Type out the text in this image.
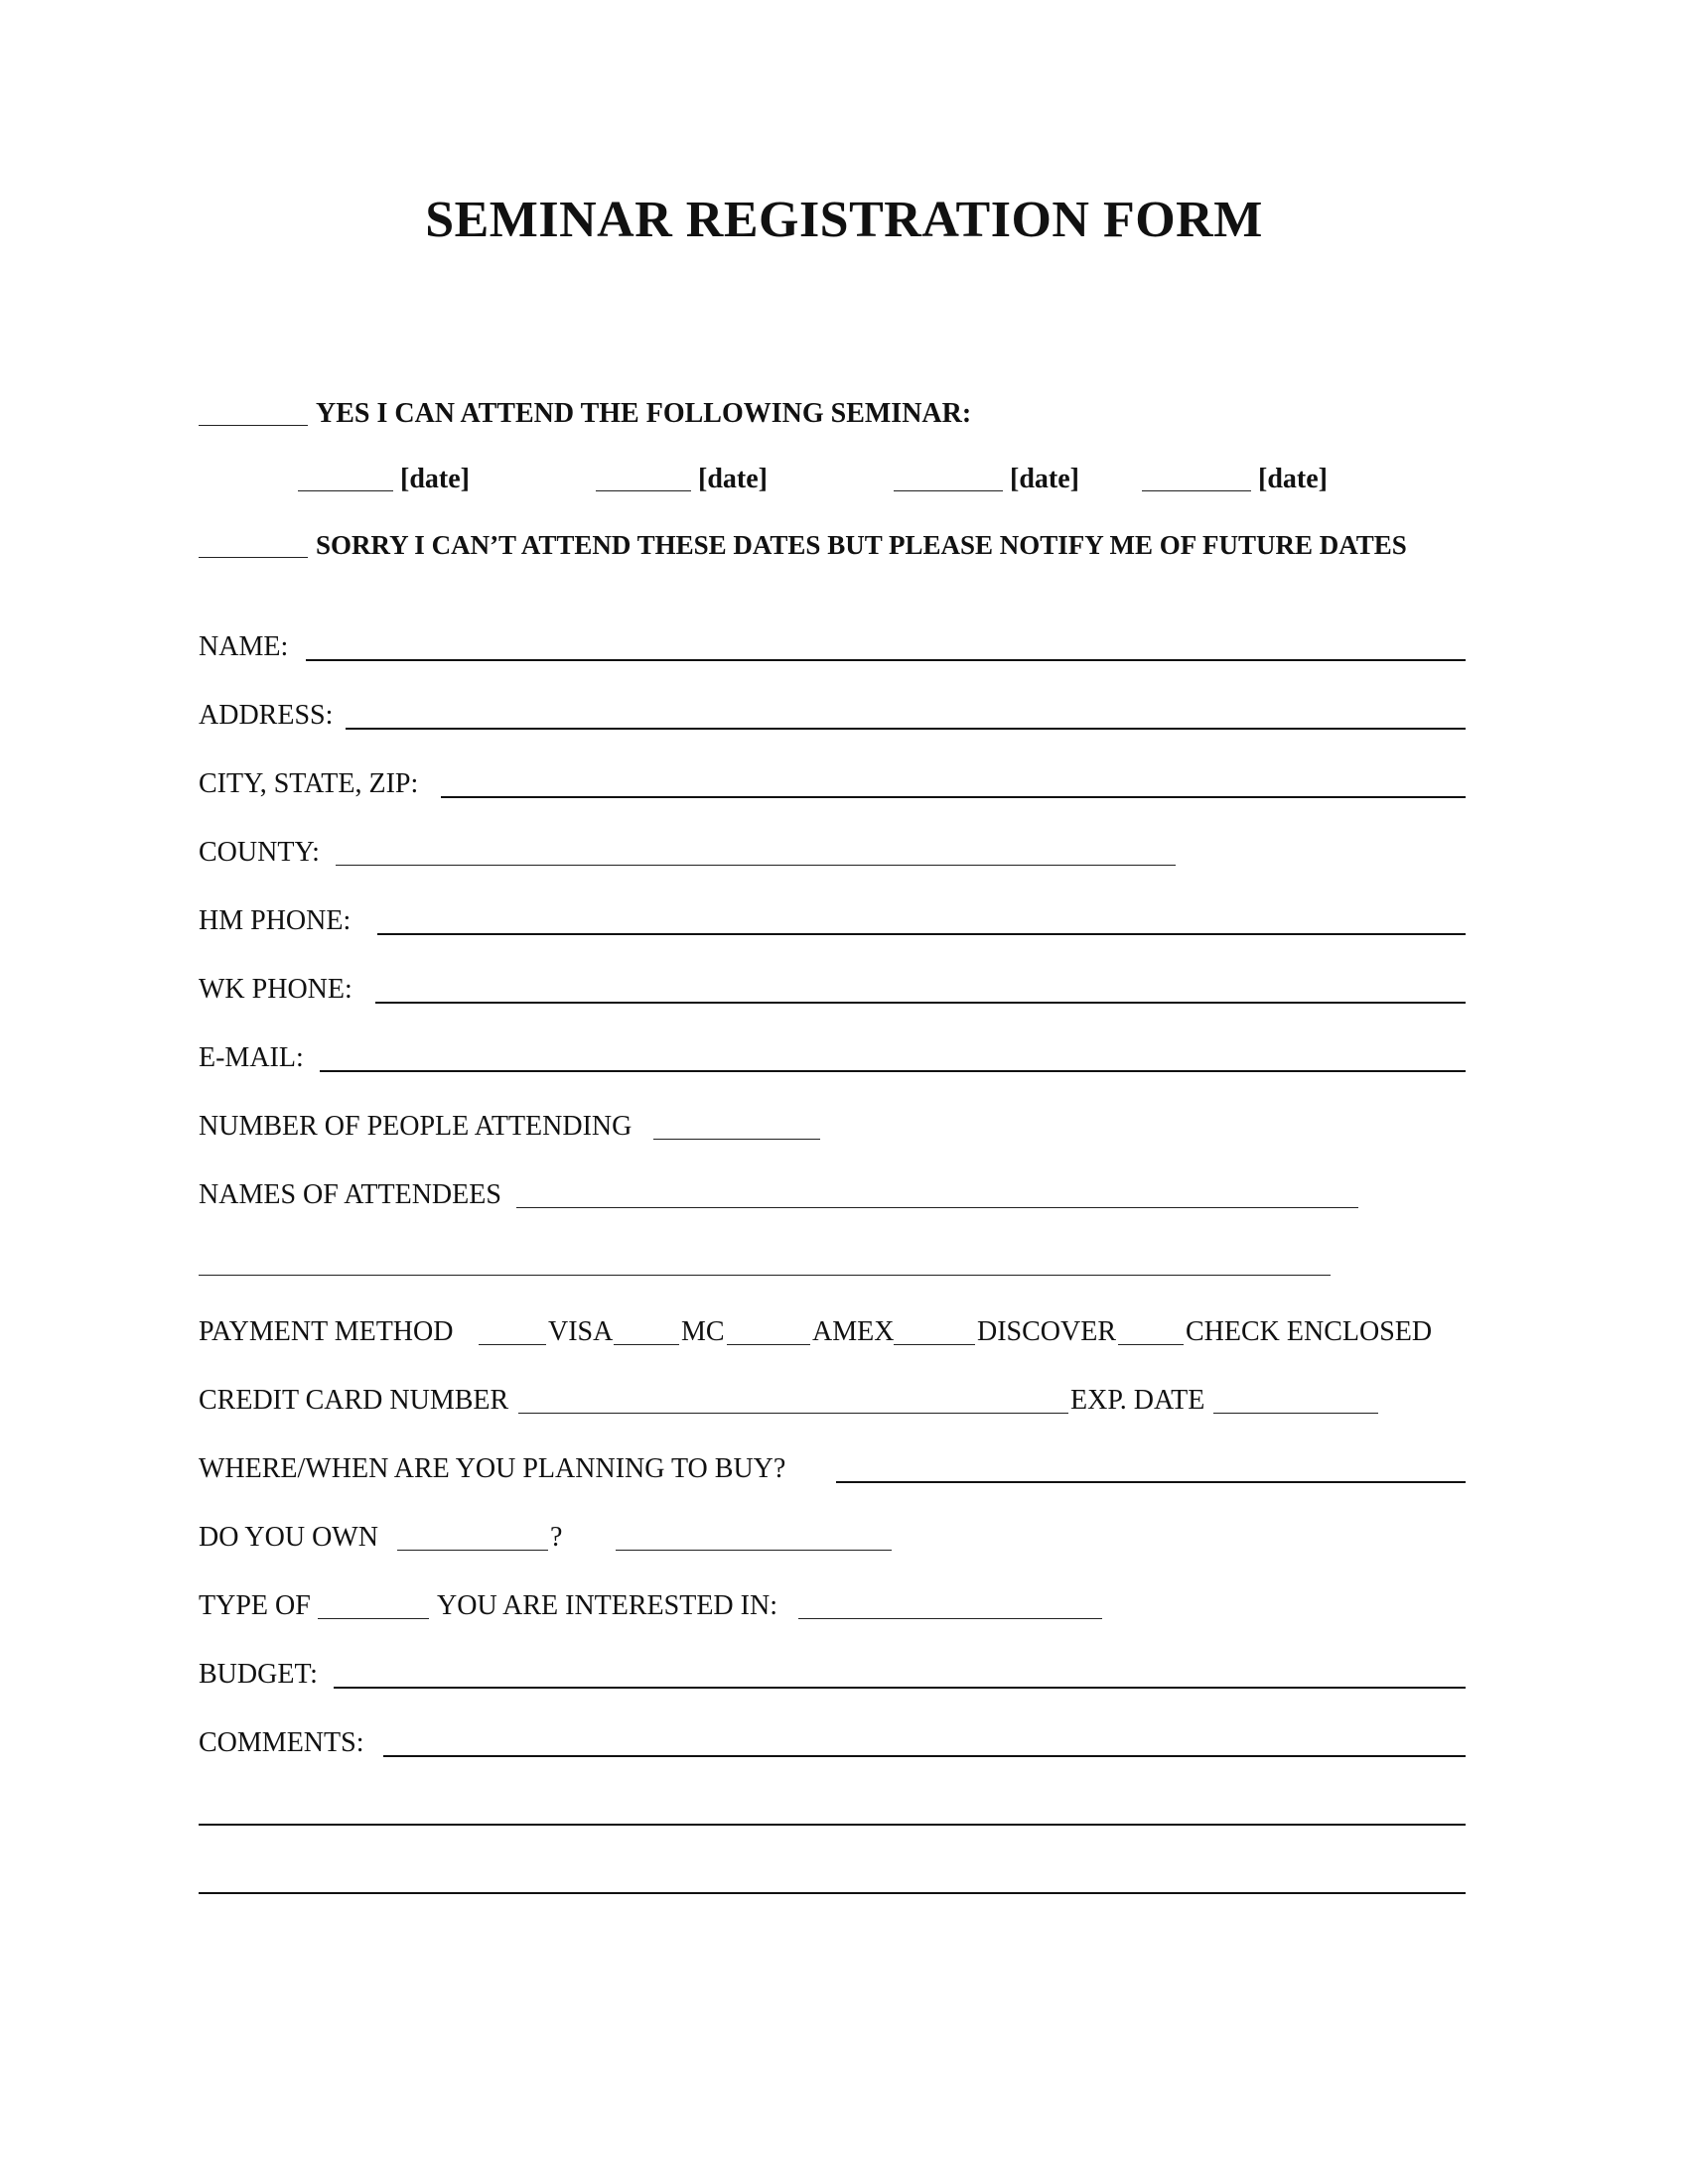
SEMINAR REGISTRATION FORM
YES I CAN ATTEND THE FOLLOWING SEMINAR:
[date]	[date]	[date]	[date]
SORRY I CAN’T ATTEND THESE DATES BUT PLEASE NOTIFY ME OF FUTURE DATES
NAME:
ADDRESS:
CITY, STATE, ZIP:
COUNTY:
HM PHONE:
WK PHONE:
E-MAIL:
NUMBER OF PEOPLE ATTENDING
NAMES OF ATTENDEES
PAYMENT METHOD	VISA MC	AMEX	DISCOVER CHECK ENCLOSED
CREDIT CARD NUMBER	EXP. DATE
WHERE/WHEN ARE YOU PLANNING TO BUY?
DO YOU OWN	?
TYPE OF	YOU ARE INTERESTED IN:
BUDGET:
COMMENTS:
